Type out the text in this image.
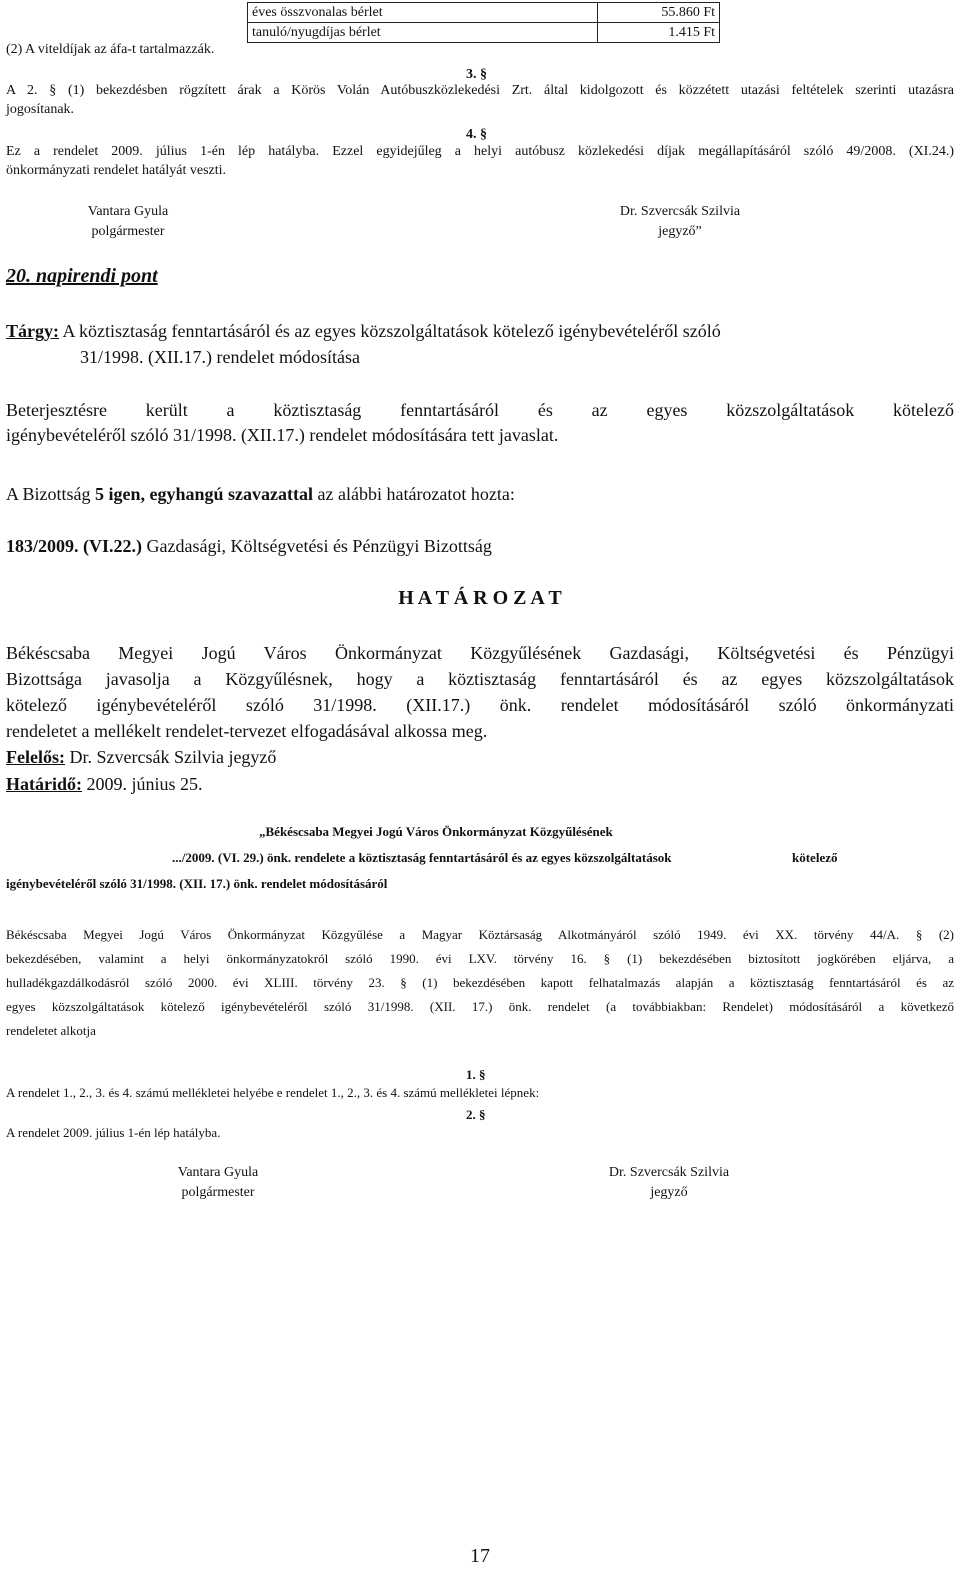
éves összvonalas bérlet	55.860 Ft
tanuló/nyugdíjas bérlet	1.415 Ft
(2) A viteldíjak az áfa-t tartalmazzák.
3. §
A 2. § (1) bekezdésben rögzített árak a Körös Volán Autóbuszközlekedési Zrt. által kidolgozott és közzétett utazási feltételek szerinti utazásra
jogosítanak.
4. §
Ez a rendelet 2009. július 1-én lép hatályba. Ezzel egyidejűleg a helyi autóbusz közlekedési díjak megállapításáról szóló 49/2008. (XI.24.)
önkormányzati rendelet hatályát veszti.
Vantara Gyula
polgármester
Dr. Szvercsák Szilvia
jegyző”
20. napirendi pont
Tárgy: A köztisztaság fenntartásáról és az egyes közszolgáltatások kötelező igénybevételéről szóló
31/1998. (XII.17.) rendelet módosítása
Beterjesztésre került a köztisztaság fenntartásáról és az egyes közszolgáltatások kötelező
igénybevételéről szóló 31/1998. (XII.17.) rendelet módosítására tett javaslat.
A Bizottság 5 igen, egyhangú szavazattal az alábbi határozatot hozta:
183/2009. (VI.22.) Gazdasági, Költségvetési és Pénzügyi Bizottság
H A T Á R O Z A T
Békéscsaba Megyei Jogú Város Önkormányzat Közgyűlésének Gazdasági, Költségvetési és Pénzügyi
Bizottsága javasolja a Közgyűlésnek, hogy a köztisztaság fenntartásáról és az egyes közszolgáltatások
kötelező igénybevételéről szóló 31/1998. (XII.17.) önk. rendelet módosításáról szóló önkormányzati
rendeletet a mellékelt rendelet-tervezet elfogadásával alkossa meg.
Felelős: Dr. Szvercsák Szilvia jegyző
Határidő: 2009. június 25.
„Békéscsaba Megyei Jogú Város Önkormányzat Közgyűlésének
.../2009. (VI. 29.) önk. rendelete a köztisztaság fenntartásáról és az egyes közszolgáltatások	kötelező
igénybevételéről szóló 31/1998. (XII. 17.) önk. rendelet módosításáról
Békéscsaba Megyei Jogú Város Önkormányzat Közgyűlése a Magyar Köztársaság Alkotmányáról szóló 1949. évi XX. törvény 44/A. § (2)
bekezdésében, valamint a helyi önkormányzatokról szóló 1990. évi LXV. törvény 16. § (1) bekezdésében biztosított jogkörében eljárva, a
hulladékgazdálkodásról szóló 2000. évi XLIII. törvény 23. § (1) bekezdésében kapott felhatalmazás alapján a köztisztaság fenntartásáról és az
egyes közszolgáltatások kötelező igénybevételéről szóló 31/1998. (XII. 17.) önk. rendelet (a továbbiakban: Rendelet) módosításáról a következő
rendeletet alkotja
1. §
A rendelet 1., 2., 3. és 4. számú mellékletei helyébe e rendelet 1., 2., 3. és 4. számú mellékletei lépnek:
2. §
A rendelet 2009. július 1-én lép hatályba.
Vantara Gyula
polgármester
Dr. Szvercsák Szilvia
jegyző
17
